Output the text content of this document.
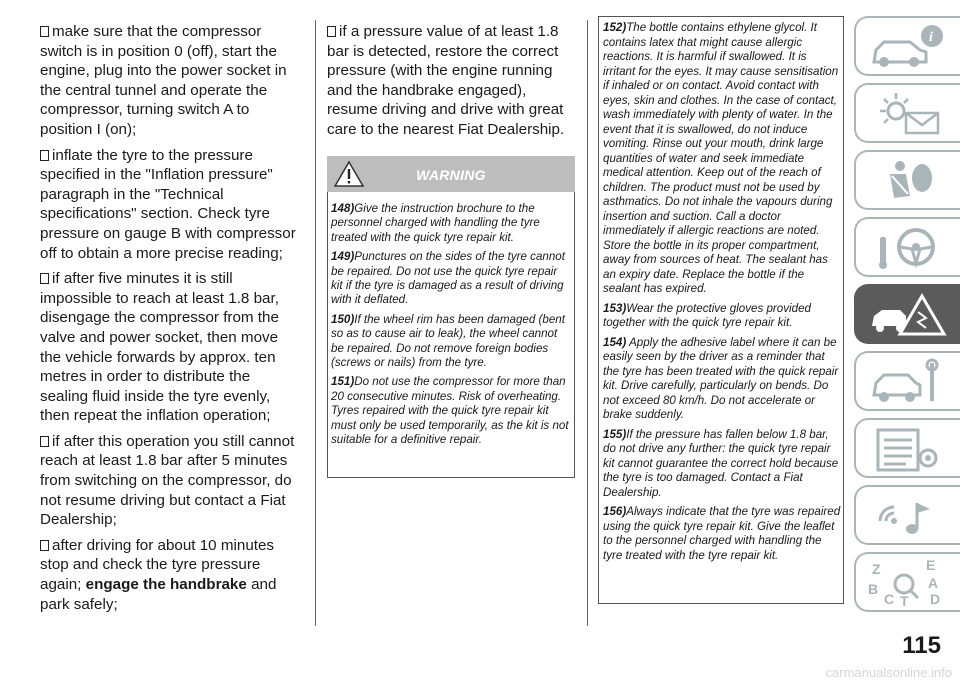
make sure that the compressor switch is in position 0 (off), start the engine, plug into the power socket in the central tunnel and operate the compressor, turning switch A to position I (on);

inflate the tyre to the pressure specified in the "Inflation pressure" paragraph in the "Technical specifications" section. Check tyre pressure on gauge B with compressor off to obtain a more precise reading;

if after five minutes it is still impossible to reach at least 1.8 bar, disengage the compressor from the valve and power socket, then move the vehicle forwards by approx. ten metres in order to distribute the sealing fluid inside the tyre evenly, then repeat the inflation operation;

if after this operation you still cannot reach at least 1.8 bar after 5 minutes from switching on the compressor, do not resume driving but contact a Fiat Dealership;

after driving for about 10 minutes stop and check the tyre pressure again; engage the handbrake and park safely;

if a pressure value of at least 1.8 bar is detected, restore the correct pressure (with the engine running and the handbrake engaged), resume driving and drive with great care to the nearest Fiat Dealership.

WARNING

148)Give the instruction brochure to the personnel charged with handling the tyre treated with the quick tyre repair kit.

149)Punctures on the sides of the tyre cannot be repaired. Do not use the quick tyre repair kit if the tyre is damaged as a result of driving with it deflated.

150)If the wheel rim has been damaged (bent so as to cause air to leak), the wheel cannot be repaired. Do not remove foreign bodies (screws or nails) from the tyre.

151)Do not use the compressor for more than 20 consecutive minutes. Risk of overheating. Tyres repaired with the quick tyre repair kit must only be used temporarily, as the kit is not suitable for a definitive repair.

152)The bottle contains ethylene glycol. It contains latex that might cause allergic reactions. It is harmful if swallowed. It is irritant for the eyes. It may cause sensitisation if inhaled or on contact. Avoid contact with eyes, skin and clothes. In the case of contact, wash immediately with plenty of water. In the event that it is swallowed, do not induce vomiting. Rinse out your mouth, drink large quantities of water and seek immediate medical attention. Keep out of the reach of children. The product must not be used by asthmatics. Do not inhale the vapours during insertion and suction. Call a doctor immediately if allergic reactions are noted. Store the bottle in its proper compartment, away from sources of heat. The sealant has an expiry date. Replace the bottle if the sealant has expired.

153)Wear the protective gloves provided together with the quick tyre repair kit.

154) Apply the adhesive label where it can be easily seen by the driver as a reminder that the tyre has been treated with the quick repair kit. Drive carefully, particularly on bends. Do not exceed 80 km/h. Do not accelerate or brake suddenly.

155)If the pressure has fallen below 1.8 bar, do not drive any further: the quick tyre repair kit cannot guarantee the correct hold because the tyre is too damaged. Contact a Fiat Dealership.

156)Always indicate that the tyre was repaired using the quick tyre repair kit. Give the leaflet to the personnel charged with handling the tyre treated with the tyre repair kit.

i
Z	E
A
B
C T D
115
carmanualsonline.info
